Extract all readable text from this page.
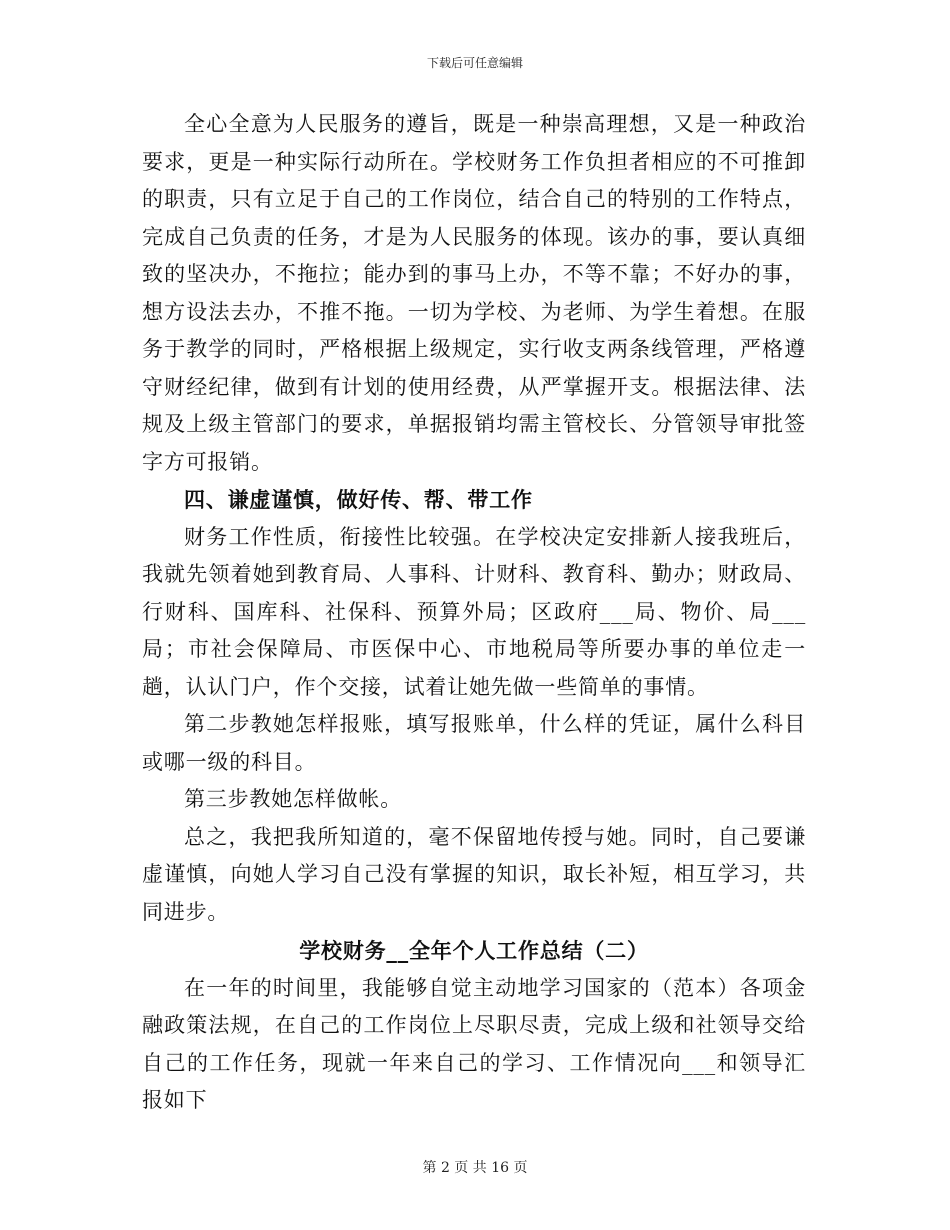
下载后可任意编辑

全心全意为人民服务的遵旨，既是一种崇高理想，又是一种政治要求，更是一种实际行动所在。学校财务工作负担者相应的不可推卸的职责，只有立足于自己的工作岗位，结合自己的特别的工作特点，完成自己负责的任务，才是为人民服务的体现。该办的事，要认真细致的坚决办，不拖拉；能办到的事马上办，不等不靠；不好办的事，想方设法去办，不推不拖。一切为学校、为老师、为学生着想。在服务于教学的同时，严格根据上级规定，实行收支两条线管理，严格遵守财经纪律，做到有计划的使用经费，从严掌握开支。根据法律、法规及上级主管部门的要求，单据报销均需主管校长、分管领导审批签字方可报销。

四、谦虚谨慎，做好传、帮、带工作

财务工作性质，衔接性比较强。在学校决定安排新人接我班后，我就先领着她到教育局、人事科、计财科、教育科、勤办；财政局、行财科、国库科、社保科、预算外局；区政府___局、物价、局___局；市社会保障局、市医保中心、市地税局等所要办事的单位走一趟，认认门户，作个交接，试着让她先做一些简单的事情。

第二步教她怎样报账，填写报账单，什么样的凭证，属什么科目或哪一级的科目。

第三步教她怎样做帐。

总之，我把我所知道的，毫不保留地传授与她。同时，自己要谦虚谨慎，向她人学习自己没有掌握的知识，取长补短，相互学习，共同进步。

学校财务__全年个人工作总结（二）

在一年的时间里，我能够自觉主动地学习国家的（范本）各项金融政策法规，在自己的工作岗位上尽职尽责，完成上级和社领导交给自己的工作任务，现就一年来自己的学习、工作情况向___和领导汇报如下

第 2 页 共 16 页
